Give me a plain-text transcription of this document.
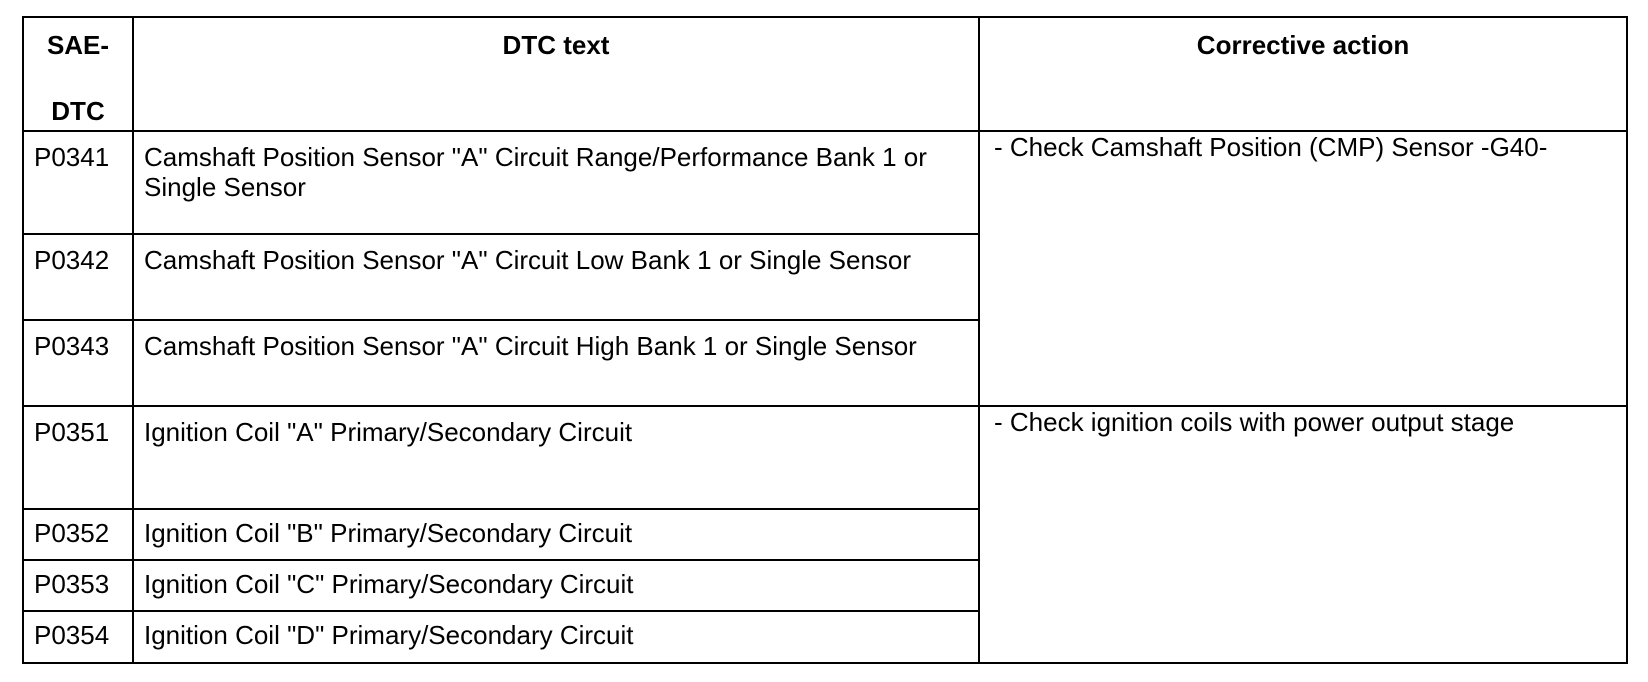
SAE-
DTC	DTC text	Corrective action
P0341	Camshaft Position Sensor "A" Circuit Range/Performance Bank 1 or Single Sensor	- Check Camshaft Position (CMP) Sensor -G40-
P0342	Camshaft Position Sensor "A" Circuit Low Bank 1 or Single Sensor	
P0343	Camshaft Position Sensor "A" Circuit High Bank 1 or Single Sensor	
P0351	Ignition Coil "A" Primary/Secondary Circuit	- Check ignition coils with power output stage
P0352	Ignition Coil "B" Primary/Secondary Circuit	
P0353	Ignition Coil "C" Primary/Secondary Circuit	
P0354	Ignition Coil "D" Primary/Secondary Circuit	
